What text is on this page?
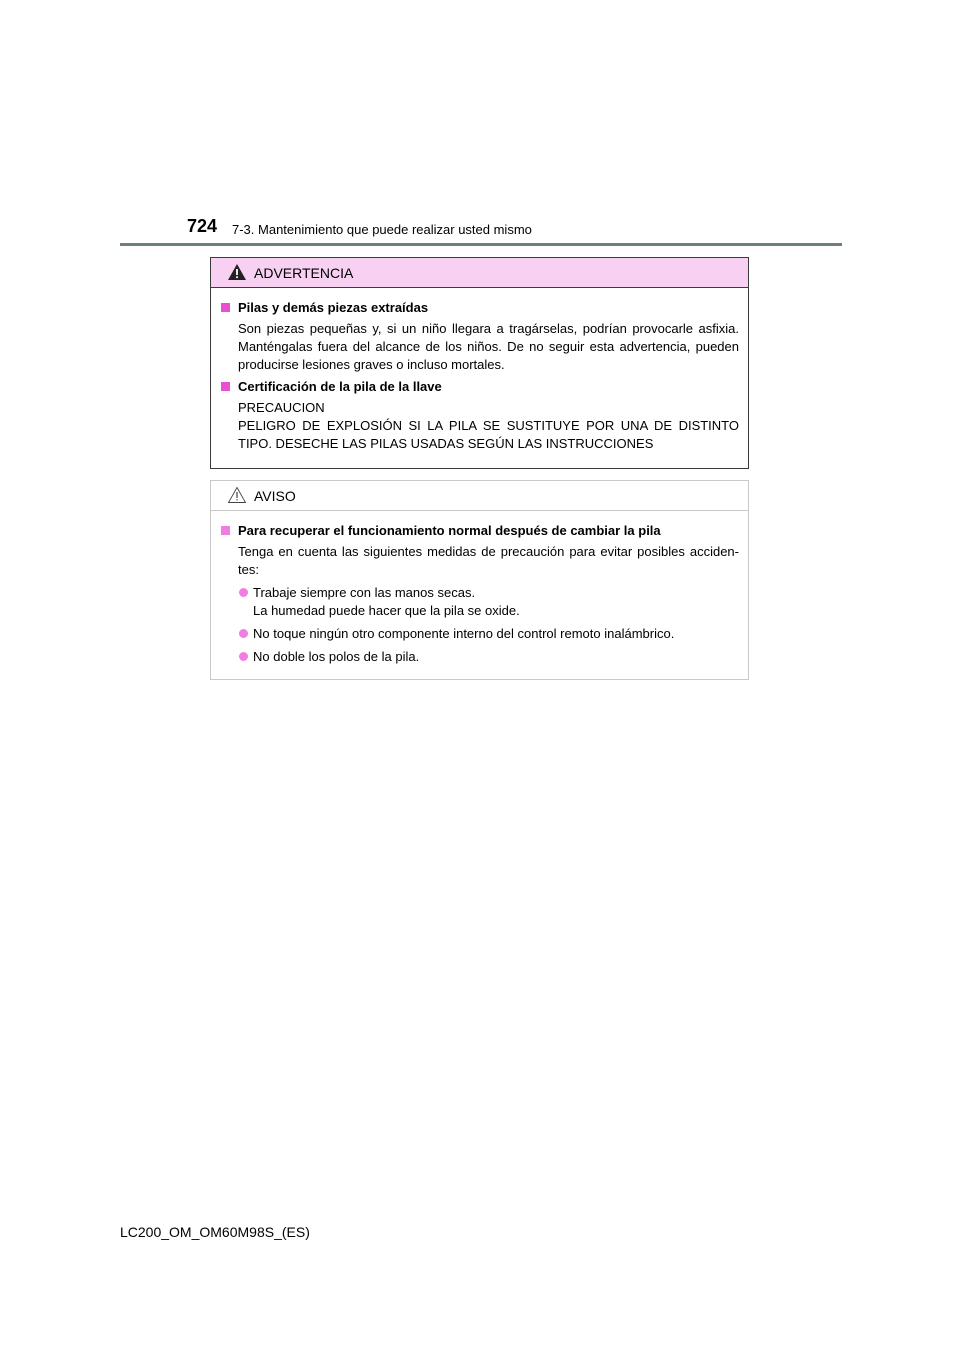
724 7-3. Mantenimiento que puede realizar usted mismo
ADVERTENCIA
Pilas y demás piezas extraídas
Son piezas pequeñas y, si un niño llegara a tragárselas, podrían provocarle asfixia. Manténgalas fuera del alcance de los niños. De no seguir esta advertencia, pueden producirse lesiones graves o incluso mortales.
Certificación de la pila de la llave
PRECAUCION
PELIGRO DE EXPLOSIÓN SI LA PILA SE SUSTITUYE POR UNA DE DISTINTO TIPO. DESECHE LAS PILAS USADAS SEGÚN LAS INSTRUCCIONES
AVISO
Para recuperar el funcionamiento normal después de cambiar la pila
Tenga en cuenta las siguientes medidas de precaución para evitar posibles acciden-tes:
Trabaje siempre con las manos secas.
La humedad puede hacer que la pila se oxide.
No toque ningún otro componente interno del control remoto inalámbrico.
No doble los polos de la pila.
LC200_OM_OM60M98S_(ES)
